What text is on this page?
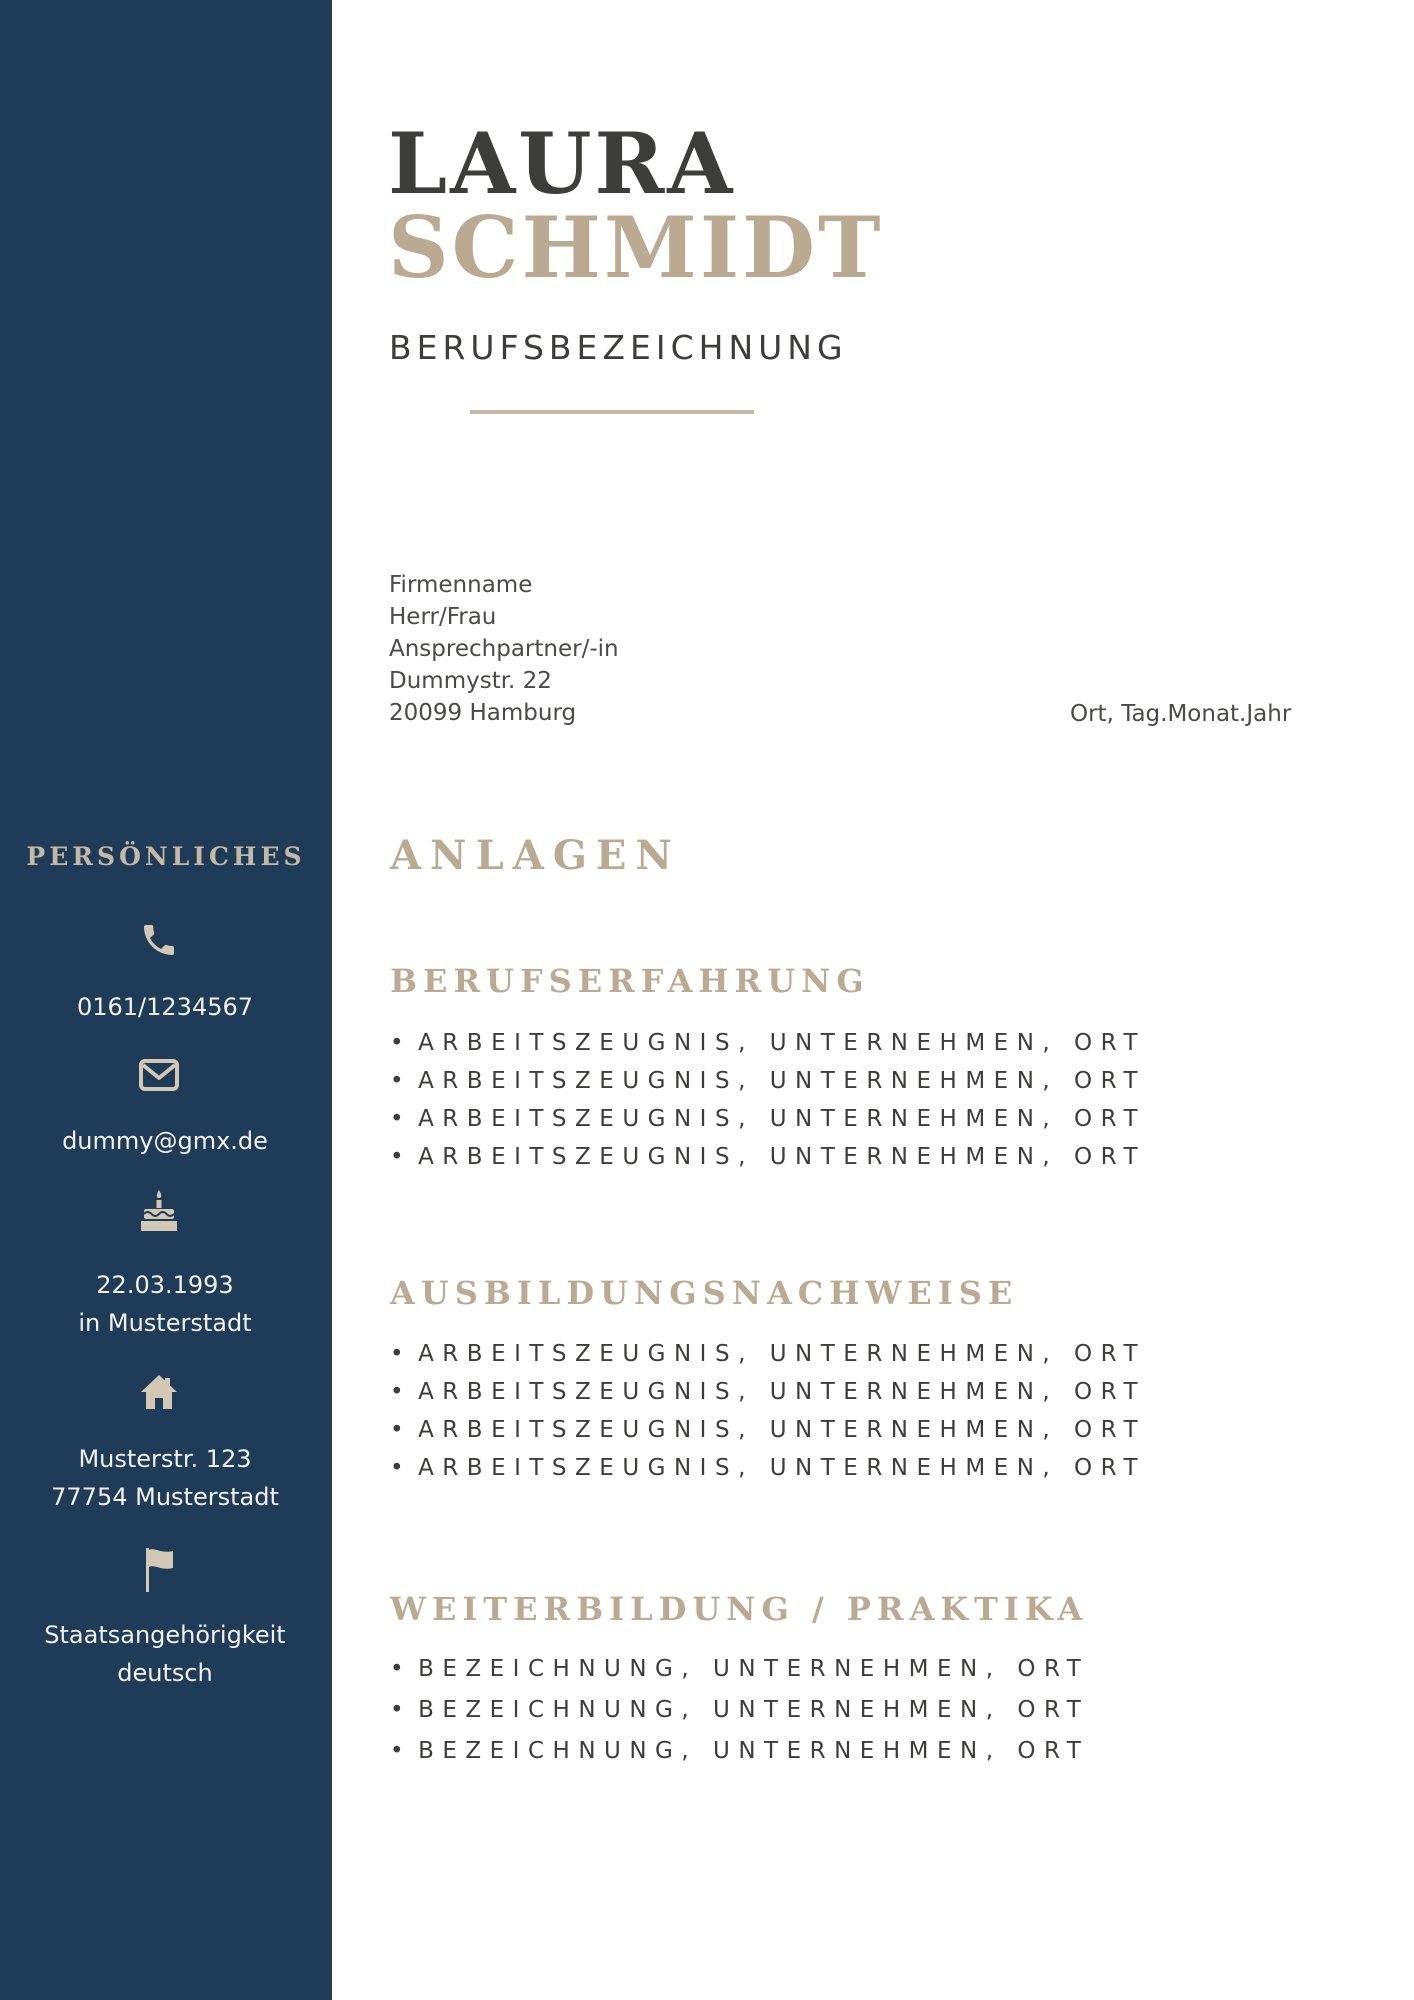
PERSÖNLICHES
0161/1234567
dummy@gmx.de
22.03.1993
in Musterstadt
Musterstr. 123
77754 Musterstadt
Staatsangehörigkeit
deutsch
LAURA
SCHMIDT
BERUFSBEZEICHNUNG
Firmenname
Herr/Frau
Ansprechpartner/-in
Dummystr. 22
20099 Hamburg	Ort, Tag.Monat.Jahr
ANLAGEN
BERUFSERFAHRUNG
• ARBEITSZEUGNIS, UNTERNEHMEN, ORT
• ARBEITSZEUGNIS, UNTERNEHMEN, ORT
• ARBEITSZEUGNIS, UNTERNEHMEN, ORT
• ARBEITSZEUGNIS, UNTERNEHMEN, ORT
AUSBILDUNGSNACHWEISE
• ARBEITSZEUGNIS, UNTERNEHMEN, ORT
• ARBEITSZEUGNIS, UNTERNEHMEN, ORT
• ARBEITSZEUGNIS, UNTERNEHMEN, ORT
• ARBEITSZEUGNIS, UNTERNEHMEN, ORT
WEITERBILDUNG / PRAKTIKA
• BEZEICHNUNG, UNTERNEHMEN, ORT
• BEZEICHNUNG, UNTERNEHMEN, ORT
• BEZEICHNUNG, UNTERNEHMEN, ORT
